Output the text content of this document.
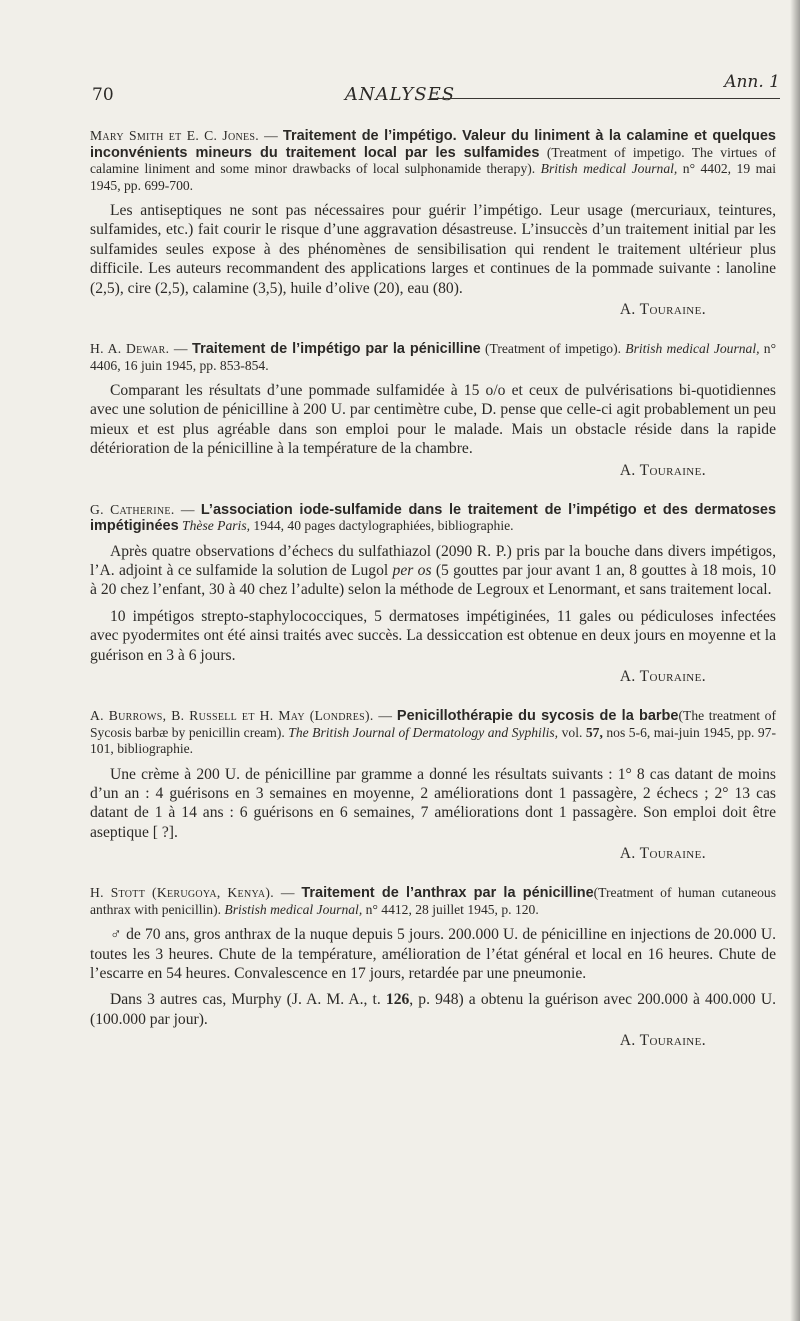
70	ANALYSES
Ann. 1

Mary Smith et E. C. Jones. — Traitement de l’impétigo. Valeur du liniment à la calamine et quelques inconvénients mineurs du traitement local par les sulfamides (Treatment of impetigo. The virtues of calamine liniment and some minor drawbacks of local sulphonamide therapy). British medical Journal, n° 4402, 19 mai 1945, pp. 699-700.

Les antiseptiques ne sont pas nécessaires pour guérir l’impétigo. Leur usage (mercuriaux, teintures, sulfamides, etc.) fait courir le risque d’une aggravation désastreuse. L’insuccès d’un traitement initial par les sulfamides seules expose à des phénomènes de sensibilisation qui rendent le traitement ultérieur plus difficile. Les auteurs recommandent des applications larges et continues de la pommade suivante : lanoline (2,5), cire (2,5), calamine (3,5), huile d’olive (20), eau (80).

A. Touraine.

H. A. Dewar. — Traitement de l’impétigo par la pénicilline (Treatment of impetigo). British medical Journal, n° 4406, 16 juin 1945, pp. 853-854.

Comparant les résultats d’une pommade sulfamidée à 15 o/o et ceux de pulvérisations bi-quotidiennes avec une solution de pénicilline à 200 U. par centimètre cube, D. pense que celle-ci agit probablement un peu mieux et est plus agréable dans son emploi pour le malade. Mais un obstacle réside dans la rapide détérioration de la pénicilline à la température de la chambre.

A. Touraine.

G. Catherine. — L’association iode-sulfamide dans le traitement de l’impétigo et des dermatoses impétiginées Thèse Paris, 1944, 40 pages dactylographiées, bibliographie.

Après quatre observations d’échecs du sulfathiazol (2090 R. P.) pris par la bouche dans divers impétigos, l’A. adjoint à ce sulfamide la solution de Lugol per os (5 gouttes par jour avant 1 an, 8 gouttes à 18 mois, 10 à 20 chez l’enfant, 30 à 40 chez l’adulte) selon la méthode de Legroux et Lenormant, et sans traitement local.

10 impétigos strepto-staphylococciques, 5 dermatoses impétiginées, 11 gales ou pédiculoses infectées avec pyodermites ont été ainsi traités avec succès. La dessiccation est obtenue en deux jours en moyenne et la guérison en 3 à 6 jours.

A. Touraine.

A. Burrows, B. Russell et H. May (Londres). — Penicillothérapie du sycosis de la barbe(The treatment of Sycosis barbæ by penicillin cream). The British Journal of Dermatology and Syphilis, vol. 57, nos 5-6, mai-juin 1945, pp. 97-101, bibliographie.

Une crème à 200 U. de pénicilline par gramme a donné les résultats suivants : 1° 8 cas datant de moins d’un an : 4 guérisons en 3 semaines en moyenne, 2 améliorations dont 1 passagère, 2 échecs ; 2° 13 cas datant de 1 à 14 ans : 6 guérisons en 6 semaines, 7 améliorations dont 1 passagère. Son emploi doit être aseptique [ ?].

A. Touraine.

H. Stott (Kerugoya, Kenya). — Traitement de l’anthrax par la pénicilline(Treatment of human cutaneous anthrax with penicillin). Bristish medical Journal, n° 4412, 28 juillet 1945, p. 120.

♂ de 70 ans, gros anthrax de la nuque depuis 5 jours. 200.000 U. de pénicilline en injections de 20.000 U. toutes les 3 heures. Chute de la température, amélioration de l’état général et local en 16 heures. Chute de l’escarre en 54 heures. Convalescence en 17 jours, retardée par une pneumonie.

Dans 3 autres cas, Murphy (J. A. M. A., t. 126, p. 948) a obtenu la guérison avec 200.000 à 400.000 U. (100.000 par jour).

A. Touraine.
